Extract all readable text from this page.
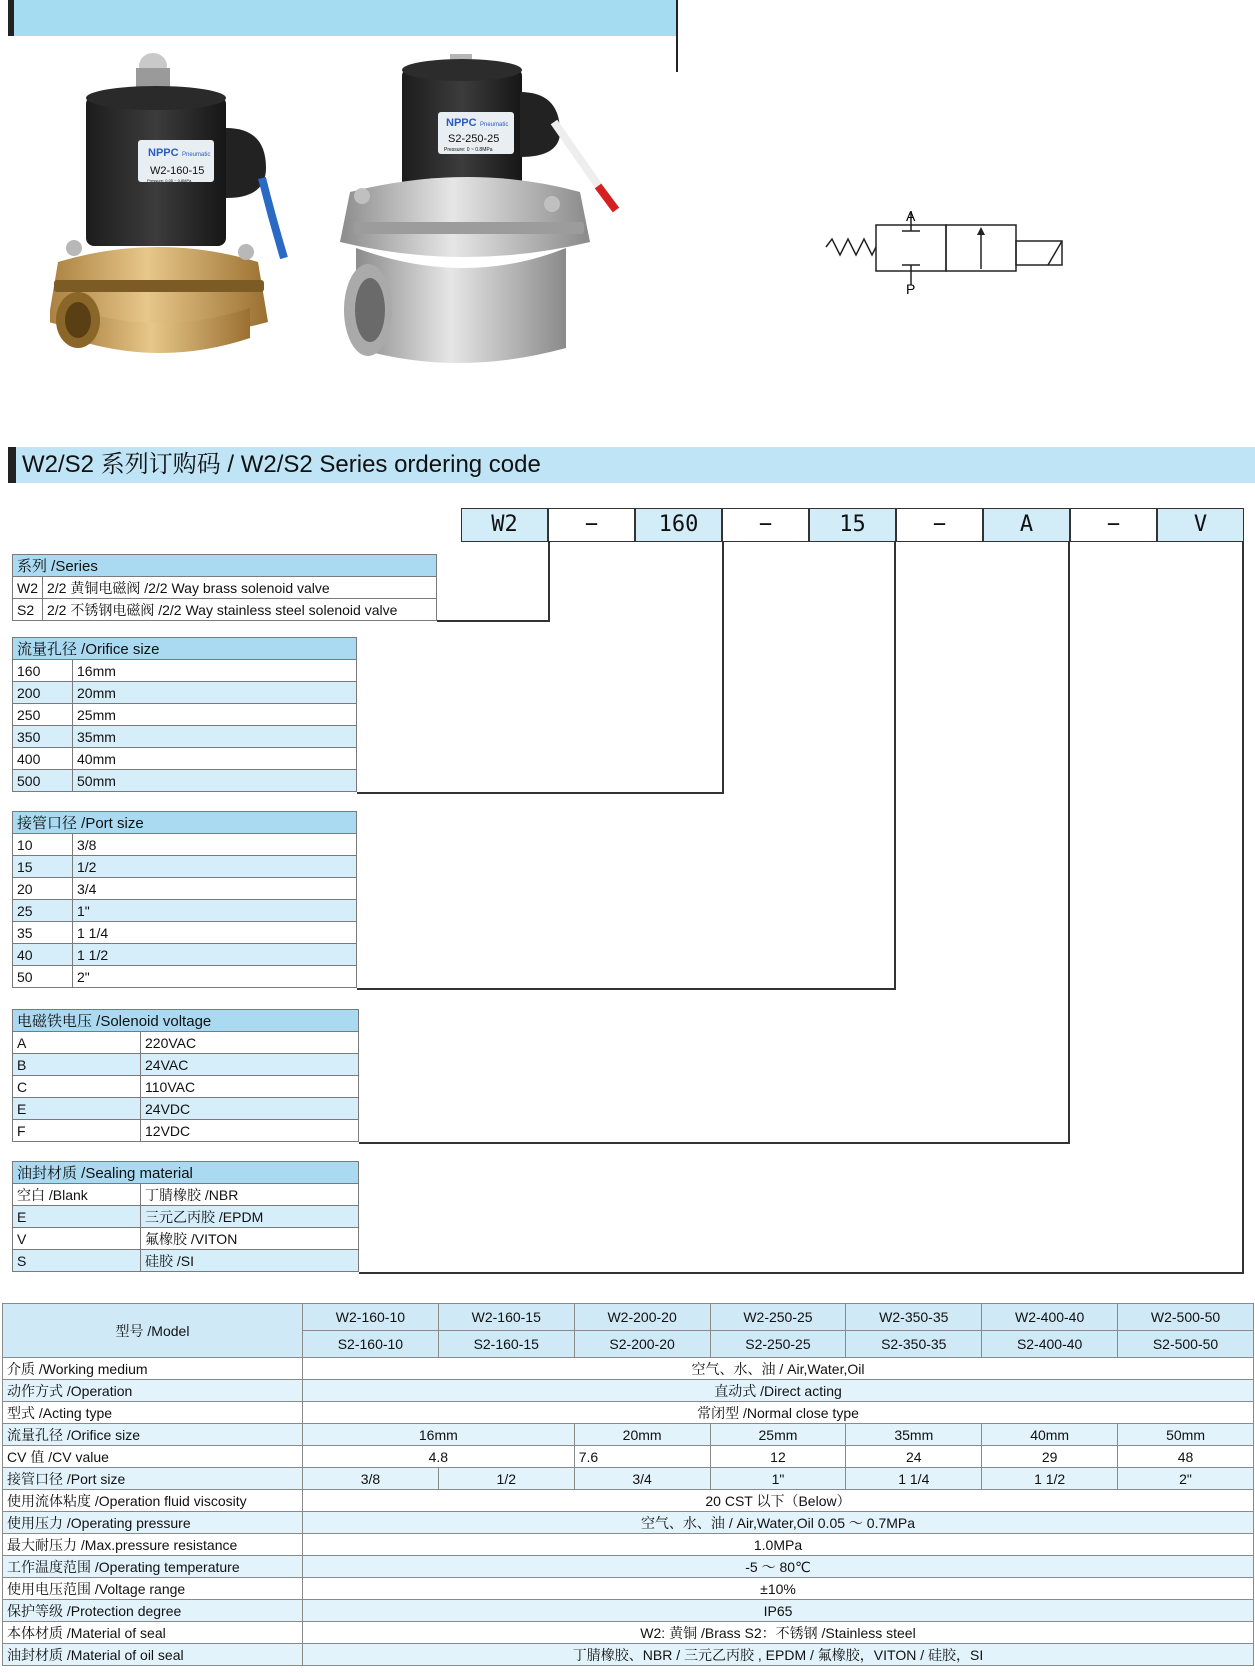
NPPC Pneumatic
W2-160-15
Pressure: 0.05 ~ 0.8MPa
NPPC Pneumatic
S2-250-25
Pressure: 0 ~ 0.8MPa
A
P
W2/S2 系列订购码 / W2/S2 Series ordering code
W2	−	160	−	15	−	A	−	V
系列 /Series	
W2	2/2 黄铜电磁阀 /2/2 Way brass solenoid valve
S2	2/2 不锈钢电磁阀 /2/2 Way stainless steel solenoid valve
流量孔径 /Orifice size	
160	16mm
200	20mm
250	25mm
350	35mm
400	40mm
500	50mm
接管口径 /Port size	
10	3/8
15	1/2
20	3/4
25	1"
35	1 1/4
40	1 1/2
50	2"
电磁铁电压 /Solenoid voltage	
A	220VAC
B	24VAC
C	110VAC
E	24VDC
F	12VDC
油封材质 /Sealing material	
空白 /Blank	丁腈橡胶 /NBR
E	三元乙丙胶 /EPDM
V	氟橡胶 /VITON
S	硅胶 /SI
型号 /Model	W2-160-10	W2-160-15	W2-200-20	W2-250-25	W2-350-35	W2-400-40	W2-500-50
	S2-160-10	S2-160-15	S2-200-20	S2-250-25	S2-350-35	S2-400-40	S2-500-50
介质 /Working medium	空气、水、油 / Air,Water,Oil						
动作方式 /Operation	直动式 /Direct acting						
型式 /Acting type	常闭型 /Normal close type						
流量孔径 /Orifice size	16mm		20mm	25mm	35mm	40mm	50mm
CV 值 /CV value	4.8		7.6	12	24	29	48
接管口径 /Port size	3/8	1/2	3/4	1"	1 1/4	1 1/2	2"
使用流体粘度 /Operation fluid viscosity	20 CST 以下（Below）						
使用压力 /Operating pressure	空气、水、油 / Air,Water,Oil 0.05 ～ 0.7MPa						
最大耐压力 /Max.pressure resistance	1.0MPa						
工作温度范围 /Operating temperature	-5 ～ 80℃						
使用电压范围 /Voltage range	±10%						
保护等级 /Protection degree	IP65						
本体材质 /Material of seal	W2: 黄铜 /Brass S2：不锈钢 /Stainless steel						
油封材质 /Material of oil seal	丁腈橡胶、NBR / 三元乙丙胶 , EPDM / 氟橡胶，VITON / 硅胶，SI						
